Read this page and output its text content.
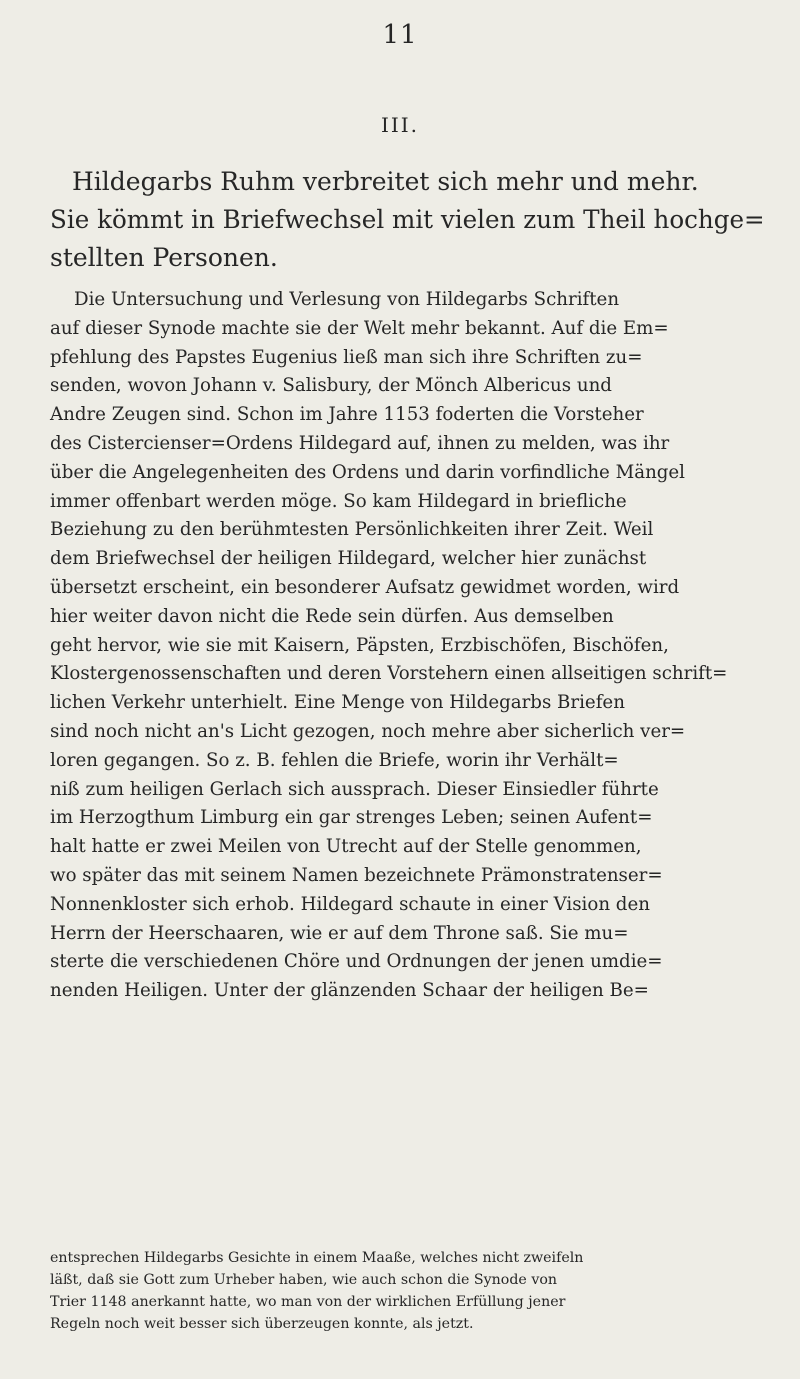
11
III.
Hildegarbs Ruhm verbreitet sich mehr und mehr.
Sie kömmt in Briefwechsel mit vielen zum Theil hochge=
stellten Personen.
Die Untersuchung und Verlesung von Hildegarbs Schriften
auf dieser Synode machte sie der Welt mehr bekannt. Auf die Em=
pfehlung des Papstes Eugenius ließ man sich ihre Schriften zu=
senden, wovon Johann v. Salisbury, der Mönch Albericus und
Andre Zeugen sind. Schon im Jahre 1153 foderten die Vorsteher
des Cistercienser=Ordens Hildegard auf, ihnen zu melden, was ihr
über die Angelegenheiten des Ordens und darin vorfindliche Mängel
immer offenbart werden möge. So kam Hildegard in briefliche
Beziehung zu den berühmtesten Persönlichkeiten ihrer Zeit. Weil
dem Briefwechsel der heiligen Hildegard, welcher hier zunächst
übersetzt erscheint, ein besonderer Aufsatz gewidmet worden, wird
hier weiter davon nicht die Rede sein dürfen. Aus demselben
geht hervor, wie sie mit Kaisern, Päpsten, Erzbischöfen, Bischöfen,
Klostergenossenschaften und deren Vorstehern einen allseitigen schrift=
lichen Verkehr unterhielt. Eine Menge von Hildegarbs Briefen
sind noch nicht an's Licht gezogen, noch mehre aber sicherlich ver=
loren gegangen. So z. B. fehlen die Briefe, worin ihr Verhält=
niß zum heiligen Gerlach sich aussprach. Dieser Einsiedler führte
im Herzogthum Limburg ein gar strenges Leben; seinen Aufent=
halt hatte er zwei Meilen von Utrecht auf der Stelle genommen,
wo später das mit seinem Namen bezeichnete Prämonstratenser=
Nonnenkloster sich erhob. Hildegard schaute in einer Vision den
Herrn der Heerschaaren, wie er auf dem Throne saß. Sie mu=
sterte die verschiedenen Chöre und Ordnungen der jenen umdie=
nenden Heiligen. Unter der glänzenden Schaar der heiligen Be=
entsprechen Hildegarbs Gesichte in einem Maaße, welches nicht zweifeln
läßt, daß sie Gott zum Urheber haben, wie auch schon die Synode von
Trier 1148 anerkannt hatte, wo man von der wirklichen Erfüllung jener
Regeln noch weit besser sich überzeugen konnte, als jetzt.
